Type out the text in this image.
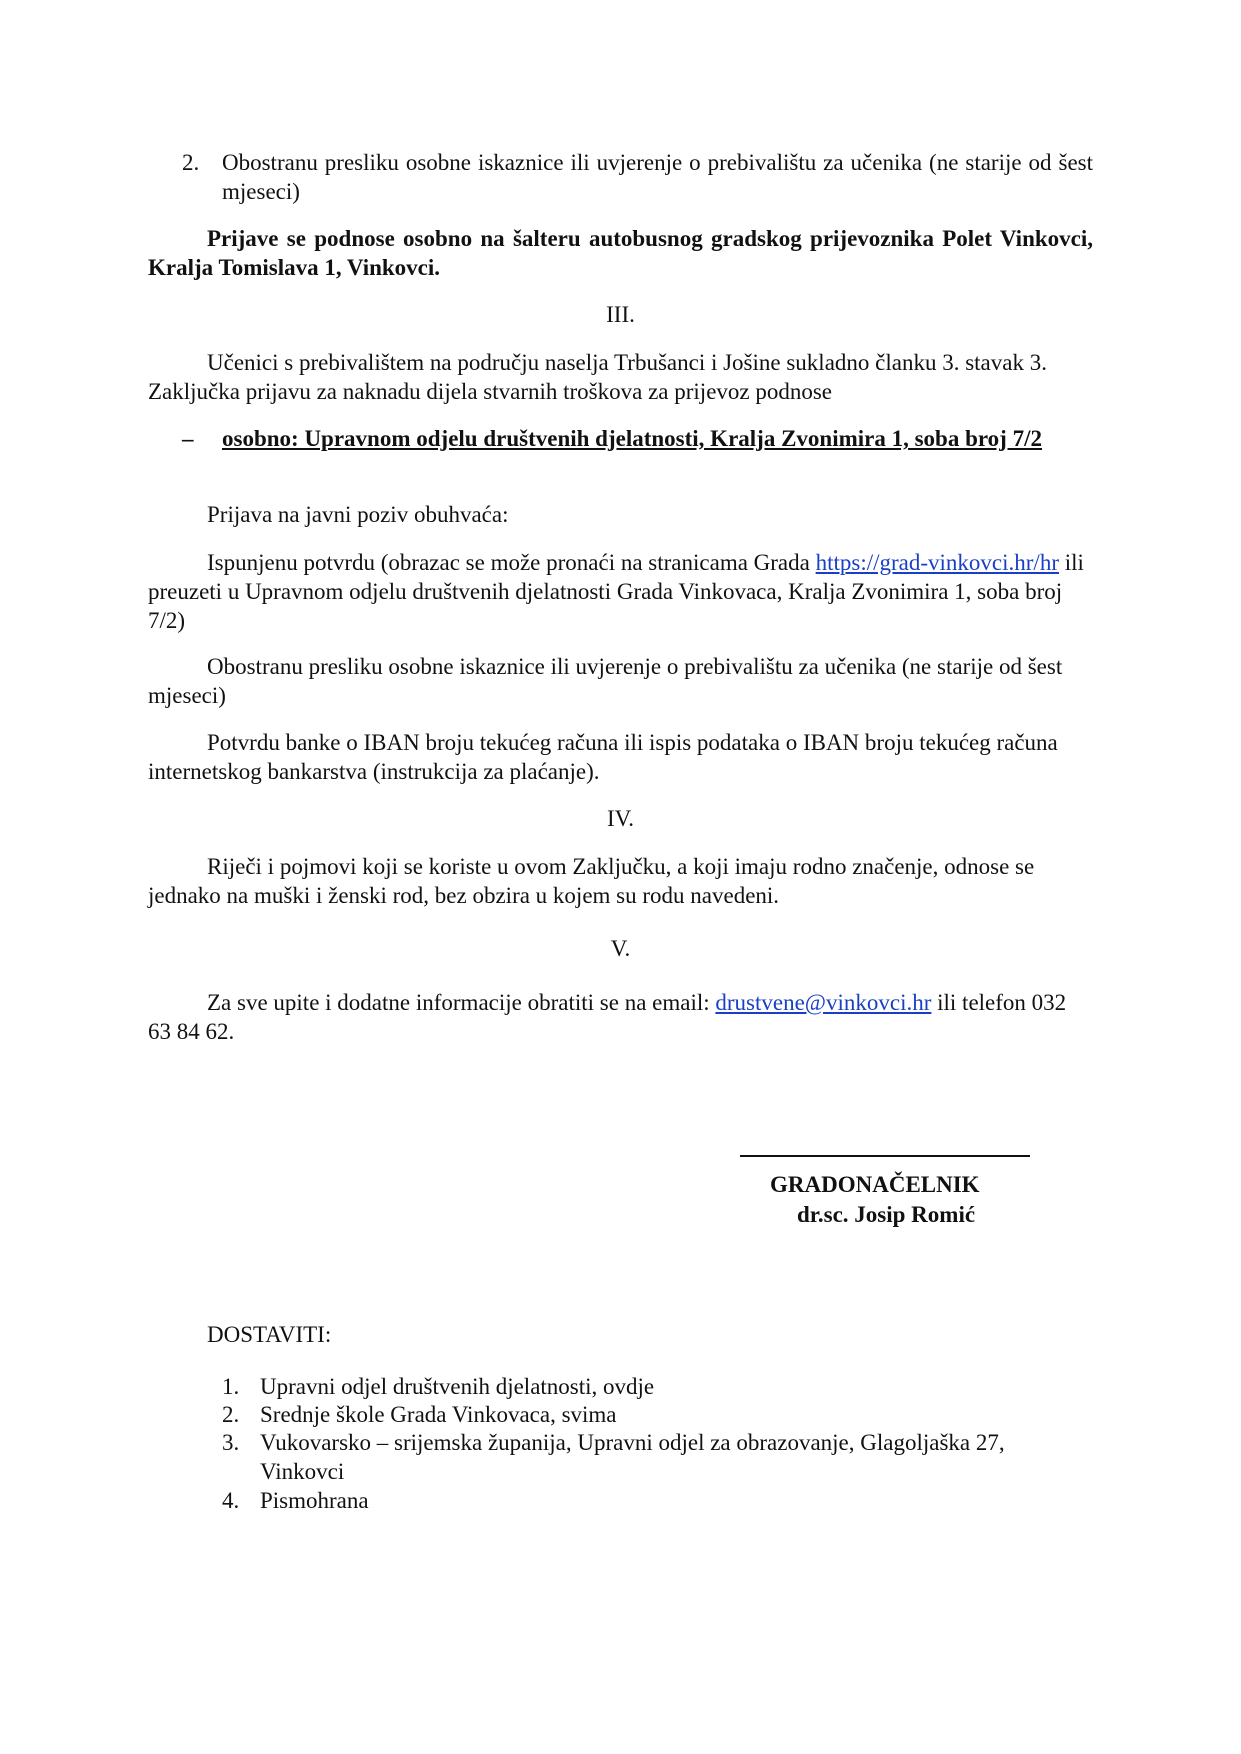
2. Obostranu presliku osobne iskaznice ili uvjerenje o prebivalištu za učenika (ne starije od šest mjeseci)

Prijave se podnose osobno na šalteru autobusnog gradskog prijevoznika Polet Vinkovci, Kralja Tomislava 1, Vinkovci.

III.

Učenici s prebivalištem na području naselja Trbušanci i Jošine sukladno članku 3. stavak 3. Zaključka prijavu za naknadu dijela stvarnih troškova za prijevoz podnose

– osobno: Upravnom odjelu društvenih djelatnosti, Kralja Zvonimira 1, soba broj 7/2

Prijava na javni poziv obuhvaća:

Ispunjenu potvrdu (obrazac se može pronaći na stranicama Grada https://grad-vinkovci.hr/hr ili preuzeti u Upravnom odjelu društvenih djelatnosti Grada Vinkovaca, Kralja Zvonimira 1, soba broj 7/2)

Obostranu presliku osobne iskaznice ili uvjerenje o prebivalištu za učenika (ne starije od šest mjeseci)

Potvrdu banke o IBAN broju tekućeg računa ili ispis podataka o IBAN broju tekućeg računa internetskog bankarstva (instrukcija za plaćanje).

IV.

Riječi i pojmovi koji se koriste u ovom Zaključku, a koji imaju rodno značenje, odnose se jednako na muški i ženski rod, bez obzira u kojem su rodu navedeni.

V.

Za sve upite i dodatne informacije obratiti se na email: drustvene@vinkovci.hr ili telefon 032 63 84 62.

GRADONAČELNIK
dr.sc. Josip Romić
DOSTAVITI:
1. Upravni odjel društvenih djelatnosti, ovdje
2. Srednje škole Grada Vinkovaca, svima
3. Vukovarsko – srijemska županija, Upravni odjel za obrazovanje, Glagoljaška 27, Vinkovci
4. Pismohrana
